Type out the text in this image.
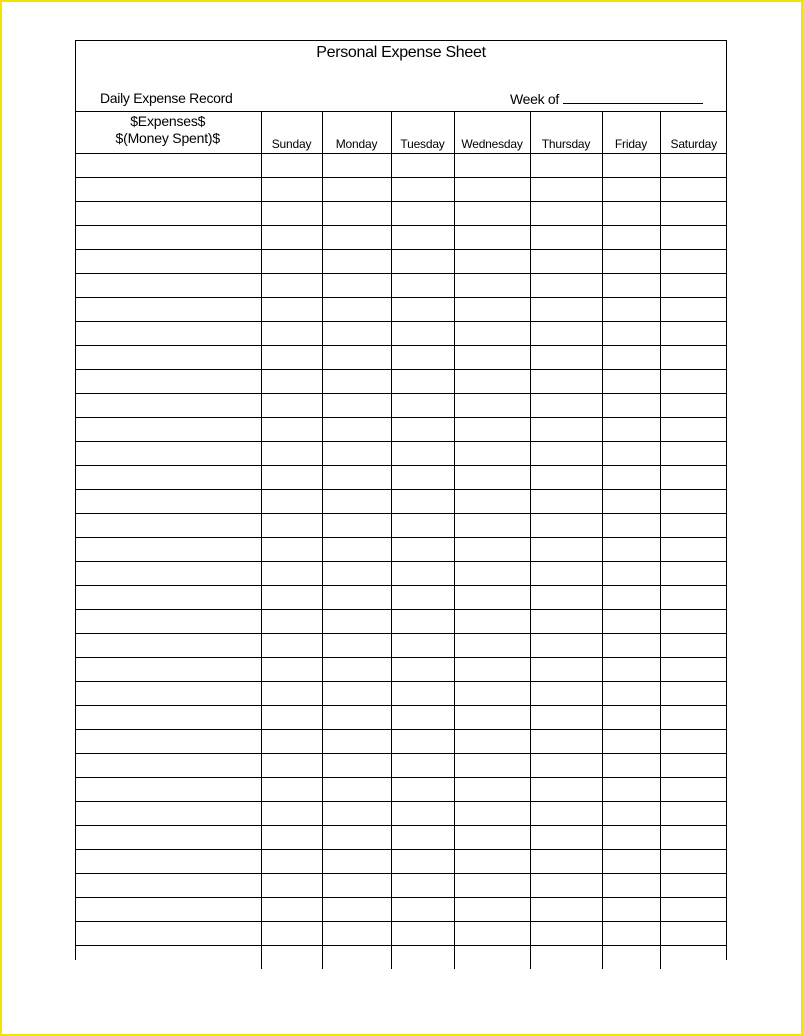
Personal Expense Sheet
Daily Expense Record	Week of
$Expenses$
$(Money Spent)$	Sunday	Monday	Tuesday	Wednesday	Thursday	Friday	Saturday
